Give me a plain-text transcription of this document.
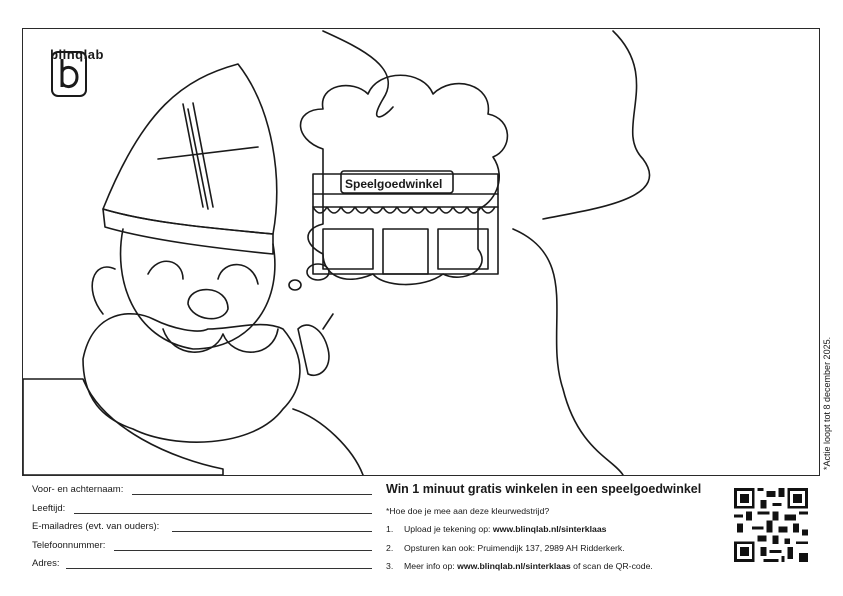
blinqlab
Speelgoedwinkel
*Actie loopt tot 8 december 2025.
Voor- en achternaam:
Leeftijd:
E-mailadres (evt. van ouders):
Telefoonnummer:
Adres:
Win 1 minuut gratis winkelen in een speelgoedwinkel
*Hoe doe je mee aan deze kleurwedstrijd?
1.	Upload je tekening op: www.blinqlab.nl/sinterklaas
2.	Opsturen kan ook: Pruimendijk 137, 2989 AH Ridderkerk.
3.	Meer info op: www.blinqlab.nl/sinterklaas of scan de QR-code.
